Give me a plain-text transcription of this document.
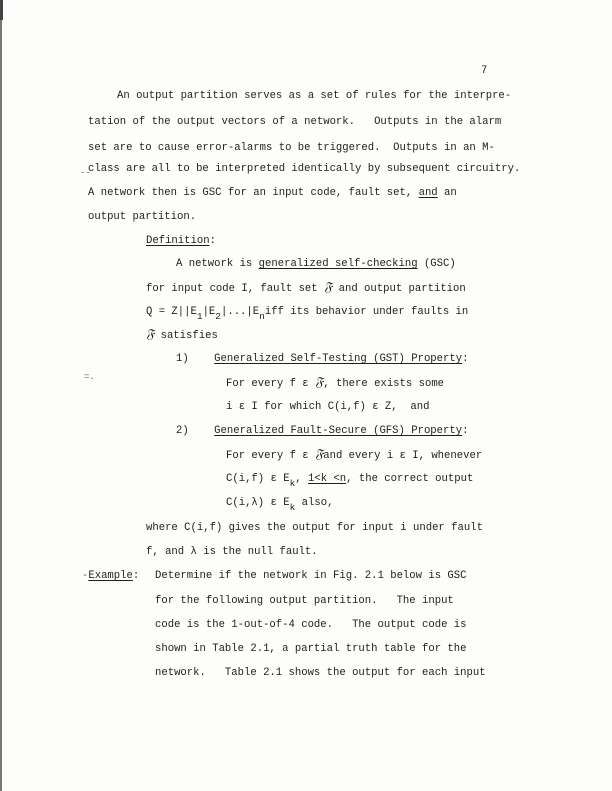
7
An output partition serves as a set of rules for the interpre-
tation of the output vectors of a network.   Outputs in the alarm
set are to cause error-alarms to be triggered.  Outputs in an M-
class are all to be interpreted identically by subsequent circuitry.
--
A network then is GSC for an input code, fault set, and an
output partition.
Definition:
A network is generalized self-checking (GSC)
for input code I, fault set 𝔉 and output partition
Q = Z||E1|E2|...|Eniff its behavior under faults in
𝔉 satisfies
1) Generalized Self-Testing (GST) Property:
=.
For every f ε 𝔉, there exists some
i ε I for which C(i,f) ε Z,  and
2) Generalized Fault-Secure (GFS) Property:
For every f ε 𝔉and every i ε I, whenever
C(i,f) ε Ek, 1<k <n, the correct output
C(i,λ) ε Ek also,
where C(i,f) gives the output for input i under fault
f, and λ is the null fault.
-Example: Determine if the network in Fig. 2.1 below is GSC
for the following output partition.   The input
code is the 1-out-of-4 code.   The output code is
shown in Table 2.1, a partial truth table for the
network.   Table 2.1 shows the output for each input
